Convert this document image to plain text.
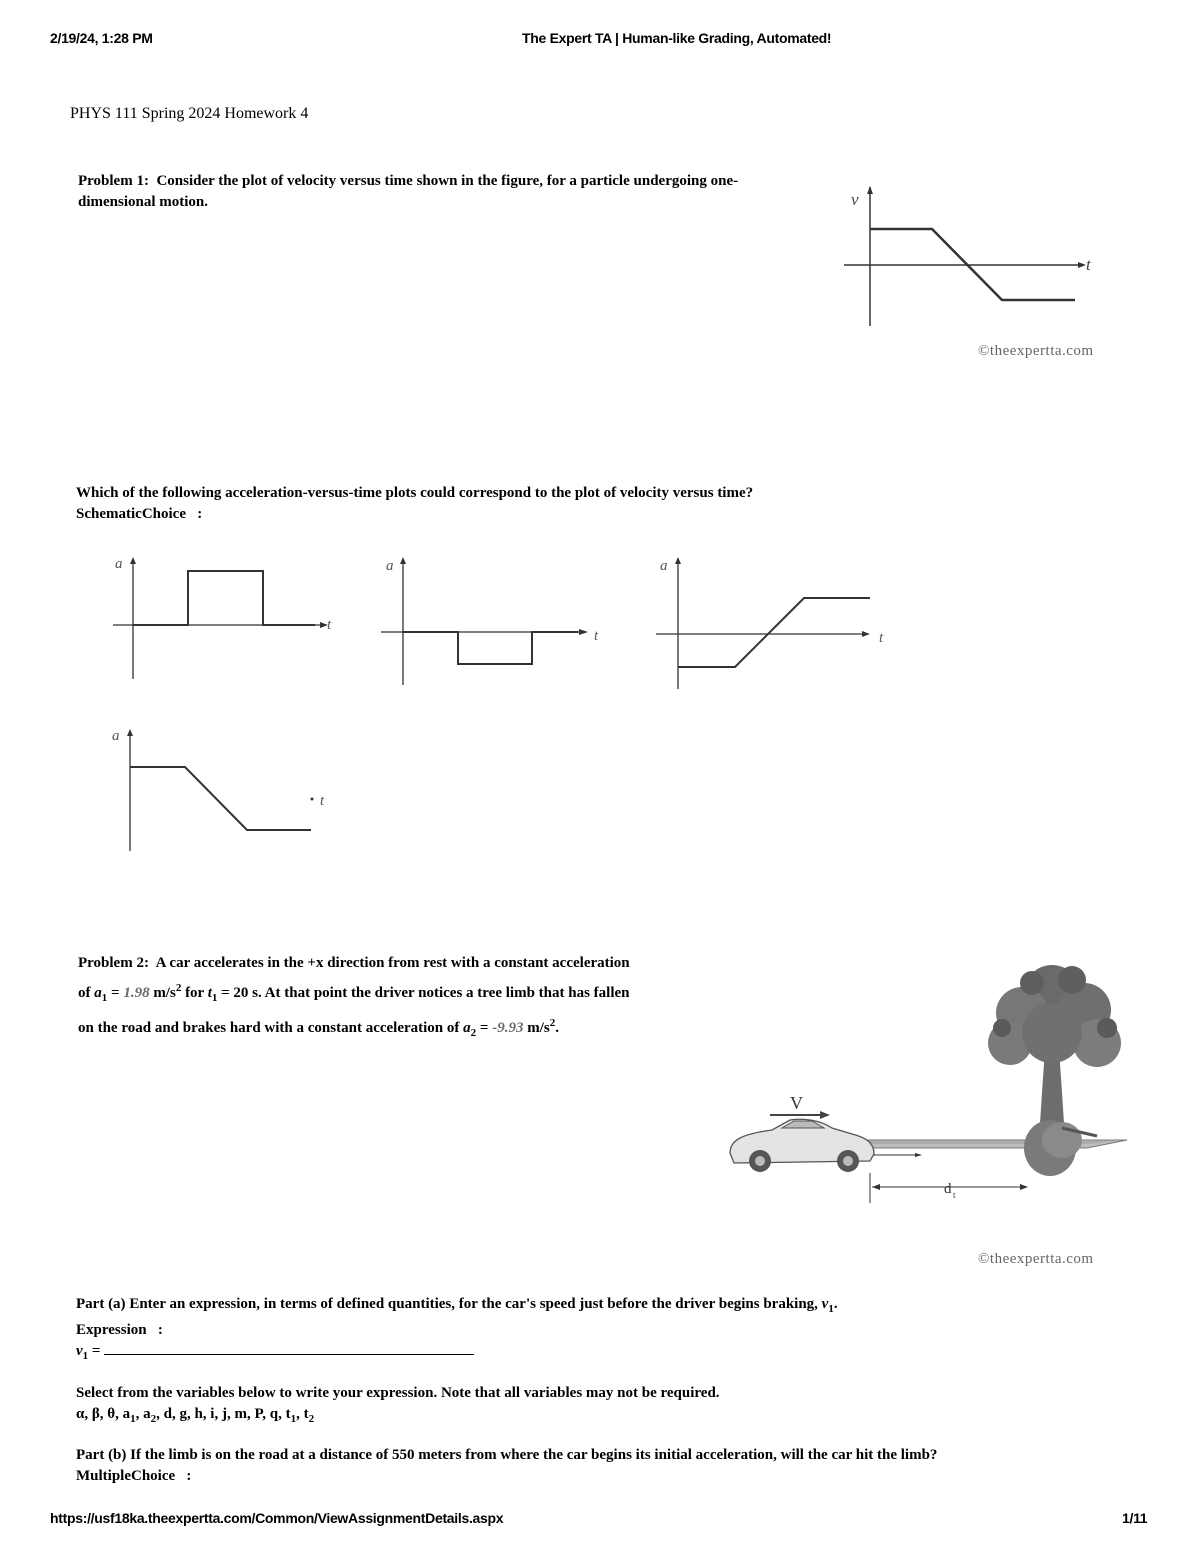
2/19/24, 1:28 PM	The Expert TA | Human-like Grading, Automated!
PHYS 111 Spring 2024 Homework 4
Problem 1: Consider the plot of velocity versus time shown in the figure, for a particle undergoing one-
dimensional motion.	v
t
©theexpertta.com
Which of the following acceleration-versus-time plots could correspond to the plot of velocity versus time?
SchematicChoice :
a
t
a
t
a
t
a
t
Problem 2: A car accelerates in the +x direction from rest with a constant acceleration
of $a_1 = 1.98$ $m/s^2$ for $t_1 = 20$ s. At that point the driver notices a tree limb that has fallen
on the road and brakes hard with a constant acceleration of $a_2 = -9.93$ $m/s^2$.
V
d t
©theexpertta.com
Part (a) Enter an expression, in terms of defined quantities, for the car's speed just before the driver begins braking, $v_1$.
Expression :
$v_1$ =
Select from the variables below to write your expression. Note that all variables may not be required.
α, β, θ, $a_1$, $a_2$, d, g, h, i, j, m, P, q, $t_1$, $t_2$
Part (b) If the limb is on the road at a distance of 550 meters from where the car begins its initial acceleration, will the car hit the limb?
MultipleChoice :
https://usf18ka.theexpertta.com/Common/ViewAssignmentDetails.aspx	1/11
